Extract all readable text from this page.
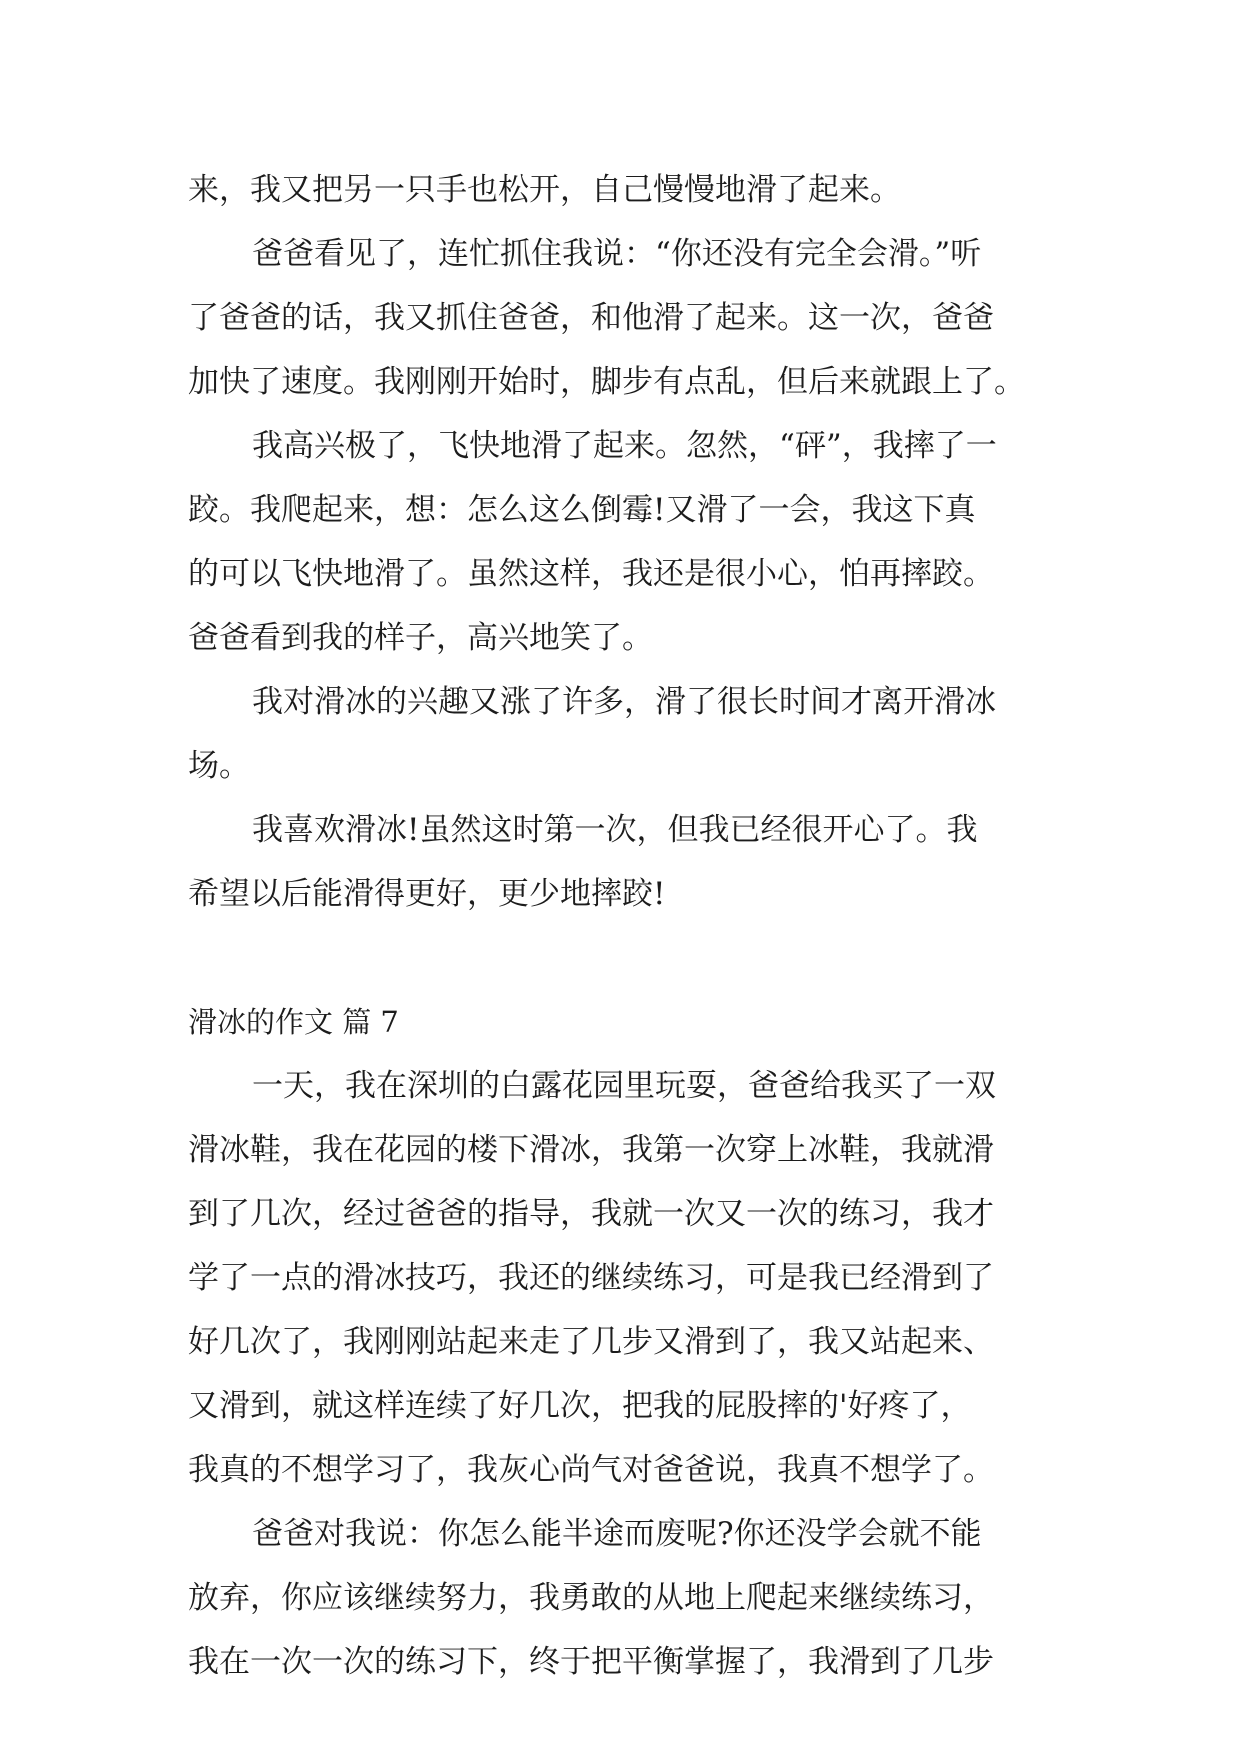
来，我又把另一只手也松开，自己慢慢地滑了起来。
爸爸看见了，连忙抓住我说：“你还没有完全会滑。”听
了爸爸的话，我又抓住爸爸，和他滑了起来。这一次，爸爸
加快了速度。我刚刚开始时，脚步有点乱，但后来就跟上了。
我高兴极了，飞快地滑了起来。忽然，“砰”，我摔了一
跤。我爬起来，想：怎么这么倒霉!又滑了一会，我这下真
的可以飞快地滑了。虽然这样，我还是很小心，怕再摔跤。
爸爸看到我的样子，高兴地笑了。
我对滑冰的兴趣又涨了许多，滑了很长时间才离开滑冰
场。
我喜欢滑冰!虽然这时第一次，但我已经很开心了。我
希望以后能滑得更好，更少地摔跤!
滑冰的作文 篇 7
一天，我在深圳的白露花园里玩耍，爸爸给我买了一双
滑冰鞋，我在花园的楼下滑冰，我第一次穿上冰鞋，我就滑
到了几次，经过爸爸的指导，我就一次又一次的练习，我才
学了一点的滑冰技巧，我还的继续练习，可是我已经滑到了
好几次了，我刚刚站起来走了几步又滑到了，我又站起来、
又滑到，就这样连续了好几次，把我的屁股摔的'好疼了，
我真的不想学习了，我灰心尚气对爸爸说，我真不想学了。
爸爸对我说：你怎么能半途而废呢?你还没学会就不能
放弃，你应该继续努力，我勇敢的从地上爬起来继续练习，
我在一次一次的练习下，终于把平衡掌握了，我滑到了几步
